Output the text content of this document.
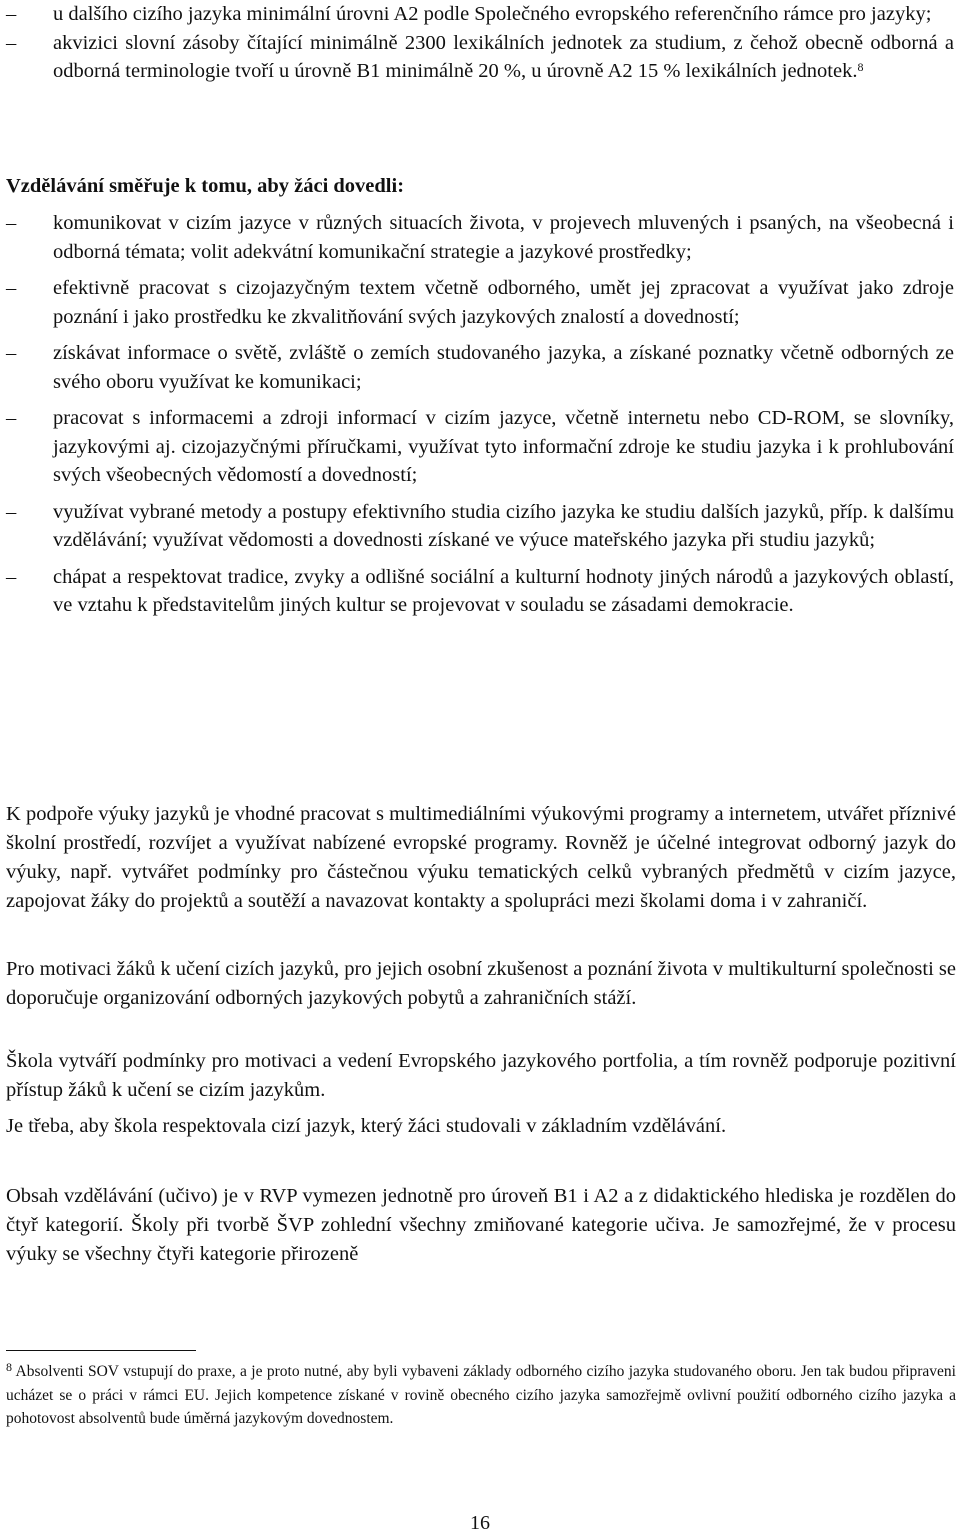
– u dalšího cizího jazyka minimální úrovni A2 podle Společného evropského referenčního rámce pro jazyky;
– akvizici slovní zásoby čítající minimálně 2300 lexikálních jednotek za studium, z čehož obecně odborná a odborná terminologie tvoří u úrovně B1 minimálně 20 %, u úrovně A2 15 % lexikálních jednotek.$^8$
Vzdělávání směřuje k tomu, aby žáci dovedli:
– komunikovat v cizím jazyce v různých situacích života, v projevech mluvených i psaných, na všeobecná i odborná témata; volit adekvátní komunikační strategie a jazykové prostředky;
– efektivně pracovat s cizojazyčným textem včetně odborného, umět jej zpracovat a využívat jako zdroje poznání i jako prostředku ke zkvalitňování svých jazykových znalostí a dovedností;
– získávat informace o světě, zvláště o zemích studovaného jazyka, a získané poznatky včetně odborných ze svého oboru využívat ke komunikaci;
– pracovat s informacemi a zdroji informací v cizím jazyce, včetně internetu nebo CD-ROM, se slovníky, jazykovými aj. cizojazyčnými příručkami, využívat tyto informační zdroje ke studiu jazyka i k prohlubování svých všeobecných vědomostí a dovedností;
– využívat vybrané metody a postupy efektivního studia cizího jazyka ke studiu dalších jazyků, příp. k dalšímu vzdělávání; využívat vědomosti a dovednosti získané ve výuce mateřského jazyka při studiu jazyků;
– chápat a respektovat tradice, zvyky a odlišné sociální a kulturní hodnoty jiných národů a jazykových oblastí, ve vztahu k představitelům jiných kultur se projevovat v souladu se zásadami demokracie.

K podpoře výuky jazyků je vhodné pracovat s multimediálními výukovými programy a internetem, utvářet příznivé školní prostředí, rozvíjet a využívat nabízené evropské programy. Rovněž je účelné integrovat odborný jazyk do výuky, např. vytvářet podmínky pro částečnou výuku tematických celků vybraných předmětů v cizím jazyce, zapojovat žáky do projektů a soutěží a navazovat kontakty a spolupráci mezi školami doma i v zahraničí.

Pro motivaci žáků k učení cizích jazyků, pro jejich osobní zkušenost a poznání života v multikulturní společnosti se doporučuje organizování odborných jazykových pobytů a zahraničních stáží.

Škola vytváří podmínky pro motivaci a vedení Evropského jazykového portfolia, a tím rovněž podporuje pozitivní přístup žáků k učení se cizím jazykům.

Je třeba, aby škola respektovala cizí jazyk, který žáci studovali v základním vzdělávání.

Obsah vzdělávání (učivo) je v RVP vymezen jednotně pro úroveň B1 i A2 a z didaktického hlediska je rozdělen do čtyř kategorií. Školy při tvorbě ŠVP zohlední všechny zmiňované kategorie učiva. Je samozřejmé, že v procesu výuky se všechny čtyři kategorie přirozeně

$^8$ Absolventi SOV vstupují do praxe, a je proto nutné, aby byli vybaveni základy odborného cizího jazyka studovaného oboru. Jen tak budou připraveni ucházet se o práci v rámci EU. Jejich kompetence získané v rovině obecného cizího jazyka samozřejmě ovlivní použití odborného cizího jazyka a pohotovost absolventů bude úměrná jazykovým dovednostem.
16
